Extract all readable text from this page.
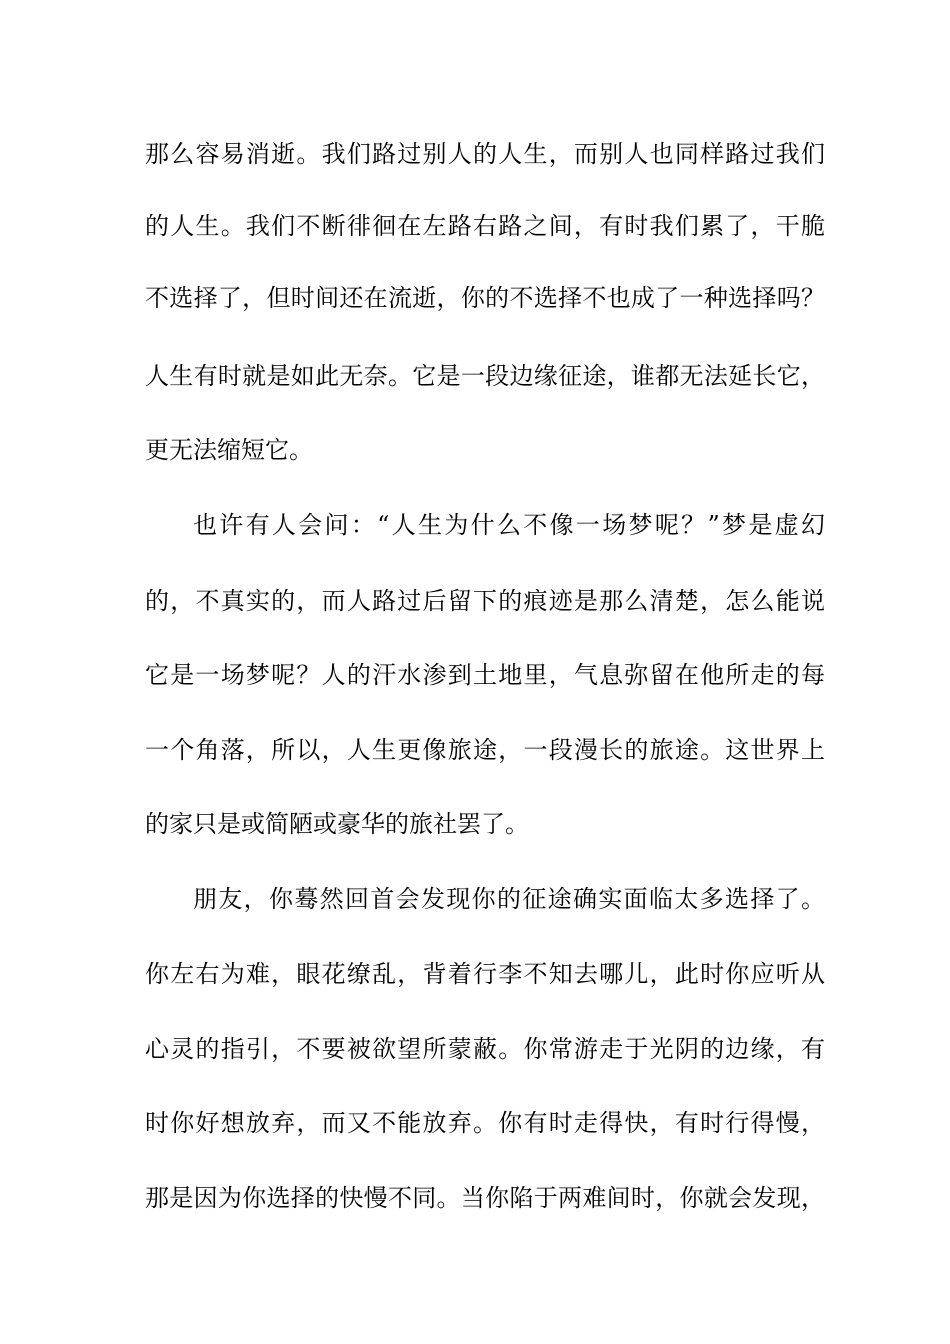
那么容易消逝。我们路过别人的人生，而别人也同样路过我们
的人生。我们不断徘徊在左路右路之间，有时我们累了，干脆
不选择了，但时间还在流逝，你的不选择不也成了一种选择吗？
人生有时就是如此无奈。它是一段边缘征途，谁都无法延长它，
更无法缩短它。
也许有人会问：“人生为什么不像一场梦呢？”梦是虚幻
的，不真实的，而人路过后留下的痕迹是那么清楚，怎么能说
它是一场梦呢？人的汗水渗到土地里，气息弥留在他所走的每
一个角落，所以，人生更像旅途，一段漫长的旅途。这世界上
的家只是或简陋或豪华的旅社罢了。
朋友，你蓦然回首会发现你的征途确实面临太多选择了。
你左右为难，眼花缭乱，背着行李不知去哪儿，此时你应听从
心灵的指引，不要被欲望所蒙蔽。你常游走于光阴的边缘，有
时你好想放弃，而又不能放弃。你有时走得快，有时行得慢，
那是因为你选择的快慢不同。当你陷于两难间时，你就会发现，
